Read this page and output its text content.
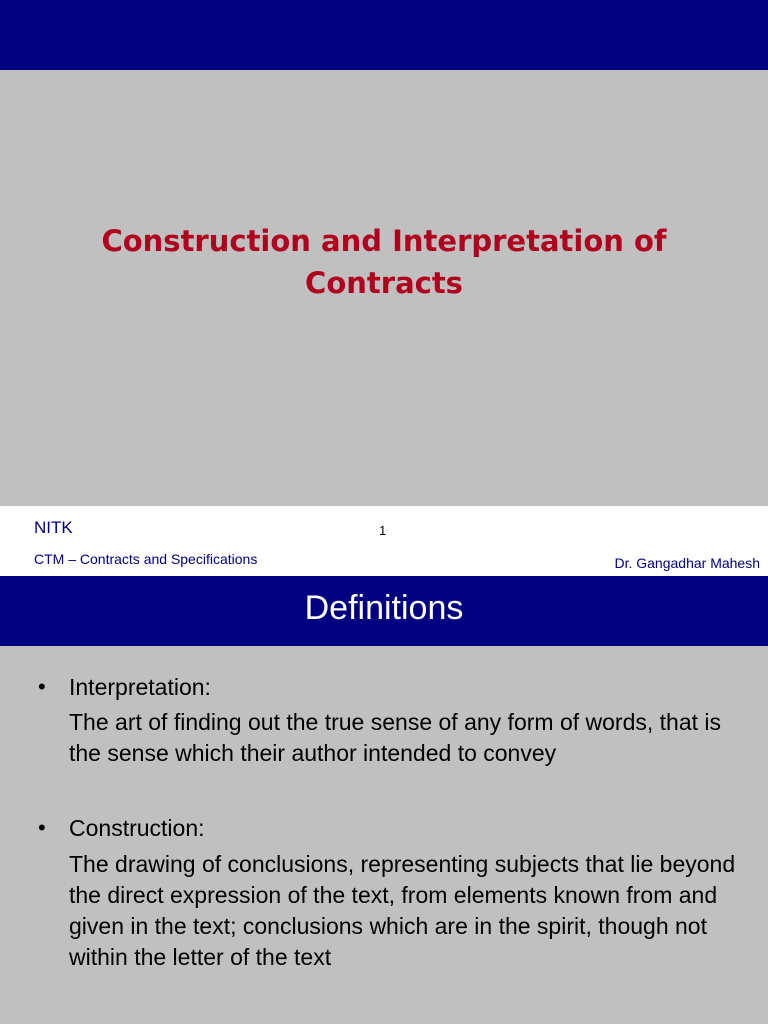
Construction and Interpretation of Contracts
NITK	1
CTM – Contracts and Specifications	Dr. Gangadhar Mahesh
Definitions
• Interpretation:

The art of finding out the true sense of any form of words, that is the sense which their author intended to convey

• Construction:

The drawing of conclusions, representing subjects that lie beyond the direct expression of the text, from elements known from and given in the text; conclusions which are in the spirit, though not within the letter of the text
